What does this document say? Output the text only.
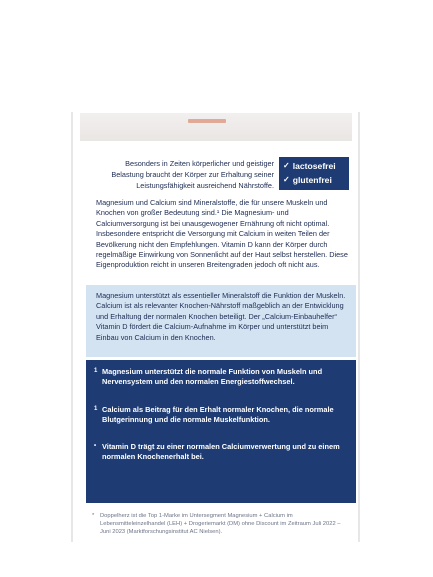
Besonders in Zeiten körperlicher und geistiger Belastung braucht der Körper zur Erhaltung seiner Leistungsfähigkeit ausreichend Nährstoffe.
✓ lactosefrei
✓ glutenfrei
Magnesium und Calcium sind Mineralstoffe, die für unsere Muskeln und Knochen von großer Bedeutung sind.¹ Die Magnesium- und Calciumversorgung ist bei unausgewogener Ernährung oft nicht optimal. Insbesondere entspricht die Versorgung mit Calcium in weiten Teilen der Bevölkerung nicht den Empfehlungen. Vitamin D kann der Körper durch regelmäßige Einwirkung von Sonnenlicht auf der Haut selbst herstellen. Diese Eigenproduktion reicht in unseren Breitengraden jedoch oft nicht aus.
Magnesium unterstützt als essentieller Mineralstoff die Funktion der Muskeln. Calcium ist als relevanter Knochen-Nährstoff maßgeblich an der Entwicklung und Erhaltung der normalen Knochen beteiligt. Der „Calcium-Einbauhelfer“ Vitamin D fördert die Calcium-Aufnahme im Körper und unterstützt beim Einbau von Calcium in den Knochen.
1 Magnesium unterstützt die normale Funktion von Muskeln und Nervensystem und den normalen Energiestoffwechsel.
1 Calcium als Beitrag für den Erhalt normaler Knochen, die normale Blutgerinnung und die normale Muskelfunktion.
• Vitamin D trägt zu einer normalen Calciumverwertung und zu einem normalen Knochenerhalt bei.
* Doppelherz ist die Top 1-Marke im Untersegment Magnesium + Calcium im Lebensmitteleinzelhandel (LEH) + Drogeriemarkt (DM) ohne Discount im Zeitraum Juli 2022 – Juni 2023 (Marktforschungsinstitut AC Nielsen).
